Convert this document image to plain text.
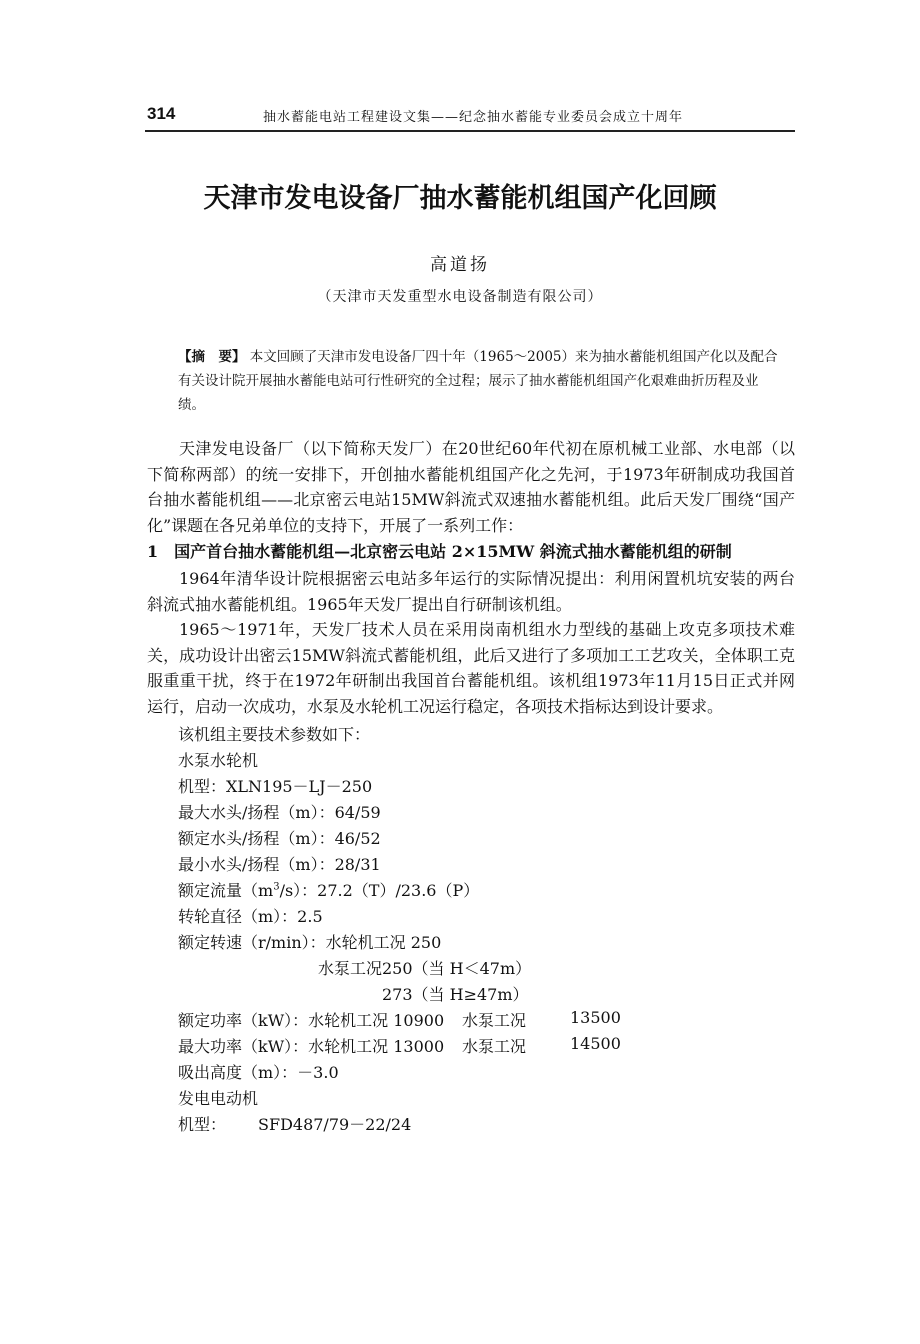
314	抽水蓄能电站工程建设文集——纪念抽水蓄能专业委员会成立十周年
天津市发电设备厂抽水蓄能机组国产化回顾
高道扬
（天津市天发重型水电设备制造有限公司）
【摘　要】 本文回顾了天津市发电设备厂四十年（1965～2005）来为抽水蓄能机组国产化以及配合有关设计院开展抽水蓄能电站可行性研究的全过程；展示了抽水蓄能机组国产化艰难曲折历程及业绩。
天津发电设备厂（以下简称天发厂）在20世纪60年代初在原机械工业部、水电部（以下简称两部）的统一安排下，开创抽水蓄能机组国产化之先河，于1973年研制成功我国首台抽水蓄能机组——北京密云电站15MW斜流式双速抽水蓄能机组。此后天发厂围绕“国产化”课题在各兄弟单位的支持下，开展了一系列工作：
1　国产首台抽水蓄能机组—北京密云电站 2×15MW 斜流式抽水蓄能机组的研制
1964年清华设计院根据密云电站多年运行的实际情况提出：利用闲置机坑安装的两台斜流式抽水蓄能机组。1965年天发厂提出自行研制该机组。
1965～1971年，天发厂技术人员在采用岗南机组水力型线的基础上攻克多项技术难关，成功设计出密云15MW斜流式蓄能机组，此后又进行了多项加工工艺攻关，全体职工克服重重干扰，终于在1972年研制出我国首台蓄能机组。该机组1973年11月15日正式并网运行，启动一次成功，水泵及水轮机工况运行稳定，各项技术指标达到设计要求。
该机组主要技术参数如下：
水泵水轮机
机型：XLN195－LJ－250
最大水头/扬程（m）：64/59
额定水头/扬程（m）：46/52
最小水头/扬程（m）：28/31
额定流量$(m^3/s)$：27.2（T）/23.6（P）
转轮直径（m）：2.5
额定转速（r/min）：水轮机工况 250
水泵工况250（当 H＜47m）
273（当 H≥47m）
额定功率（kW）：水轮机工况 10900 水泵工况	13500
最大功率（kW）：水轮机工况 13000 水泵工况	14500
吸出高度（m）：－3.0
发电电动机
机型： SFD487/79－22/24
